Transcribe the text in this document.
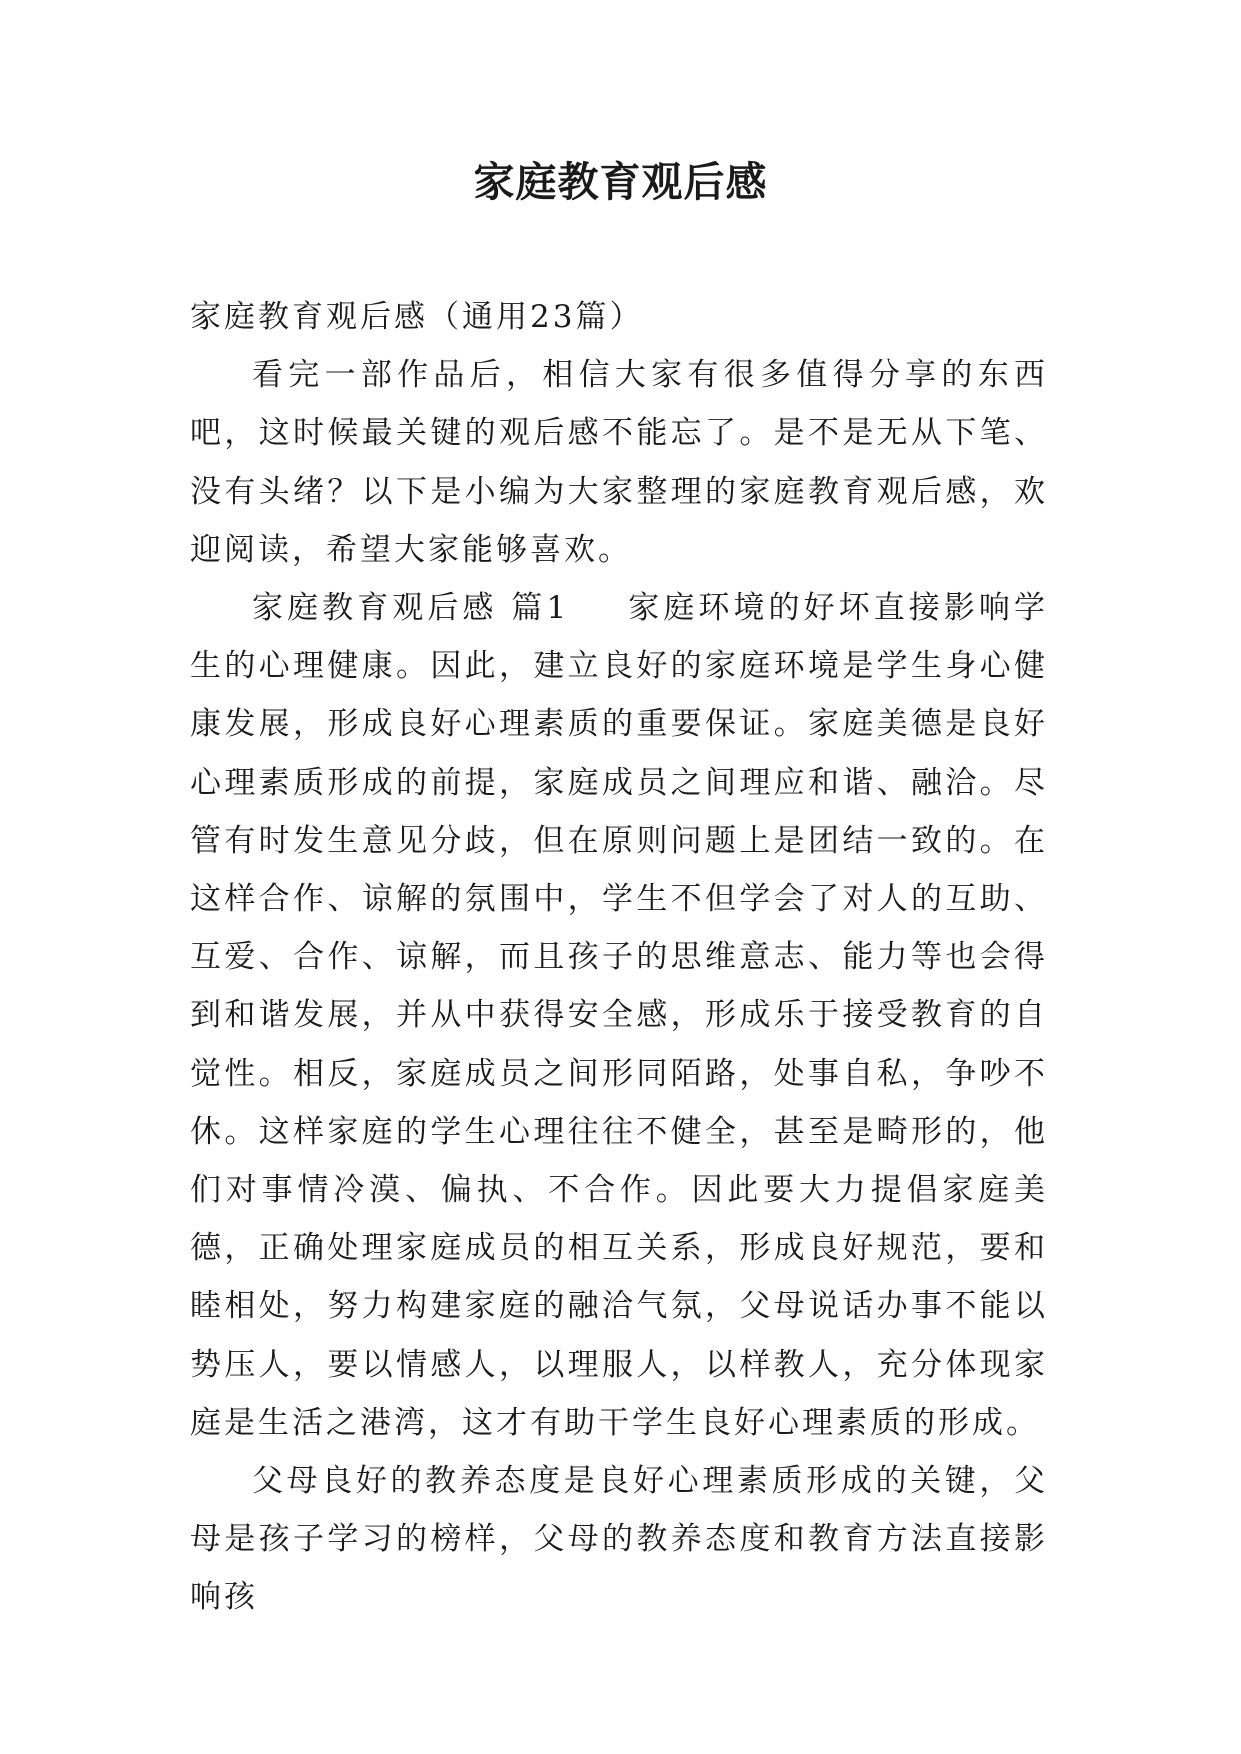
家庭教育观后感

家庭教育观后感（通用23篇）

看完一部作品后，相信大家有很多值得分享的东西吧，这时候最关键的观后感不能忘了。是不是无从下笔、没有头绪？以下是小编为大家整理的家庭教育观后感，欢迎阅读，希望大家能够喜欢。

家庭教育观后感 篇1 家庭环境的好坏直接影响学生的心理健康。因此，建立良好的家庭环境是学生身心健康发展，形成良好心理素质的重要保证。家庭美德是良好心理素质形成的前提，家庭成员之间理应和谐、融洽。尽管有时发生意见分歧，但在原则问题上是团结一致的。在这样合作、谅解的氛围中，学生不但学会了对人的互助、互爱、合作、谅解，而且孩子的思维意志、能力等也会得到和谐发展，并从中获得安全感，形成乐于接受教育的自觉性。相反，家庭成员之间形同陌路，处事自私，争吵不休。这样家庭的学生心理往往不健全，甚至是畸形的，他们对事情冷漠、偏执、不合作。因此要大力提倡家庭美德，正确处理家庭成员的相互关系，形成良好规范，要和睦相处，努力构建家庭的融洽气氛，父母说话办事不能以势压人，要以情感人，以理服人，以样教人，充分体现家庭是生活之港湾，这才有助干学生良好心理素质的形成。

父母良好的教养态度是良好心理素质形成的关键，父母是孩子学习的榜样，父母的教养态度和教育方法直接影响孩
